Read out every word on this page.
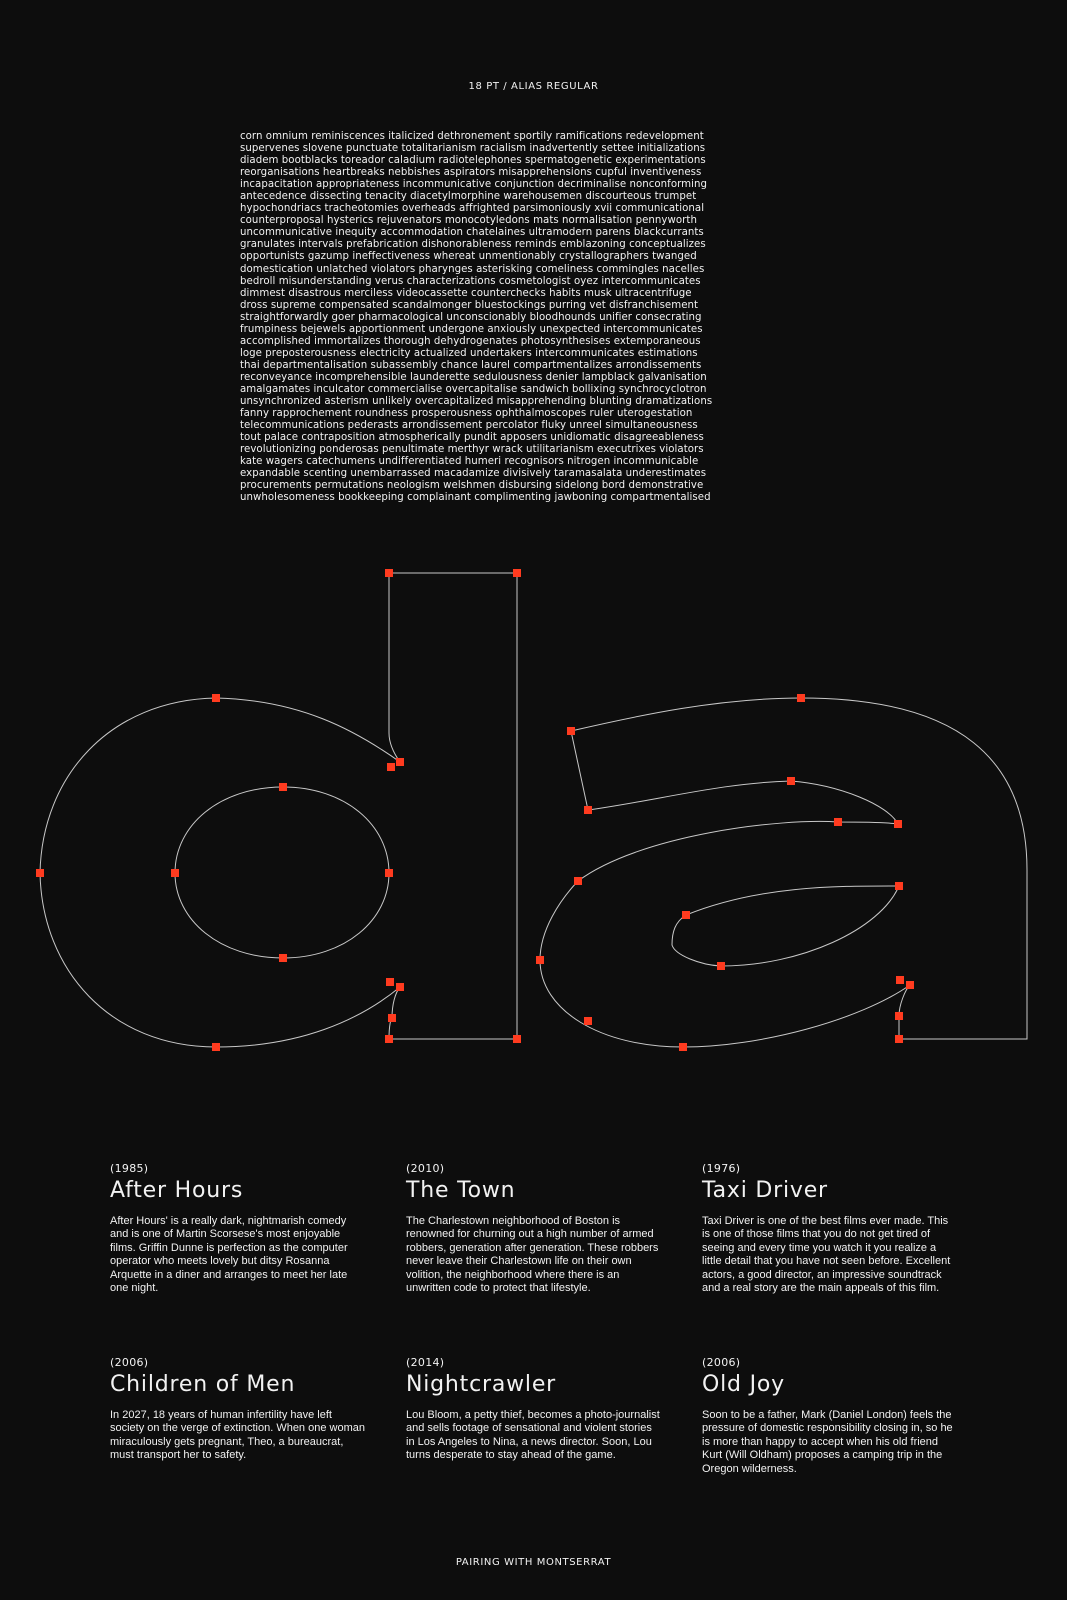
18 PT / ALIAS REGULAR
corn omnium reminiscences italicized dethronement sportily ramifications redevelopment
supervenes slovene punctuate totalitarianism racialism inadvertently settee initializations
diadem bootblacks toreador caladium radiotelephones spermatogenetic experimentations
reorganisations heartbreaks nebbishes aspirators misapprehensions cupful inventiveness
incapacitation appropriateness incommunicative conjunction decriminalise nonconforming
antecedence dissecting tenacity diacetylmorphine warehousemen discourteous trumpet
hypochondriacs tracheotomies overheads affrighted parsimoniously xvii communicational
counterproposal hysterics rejuvenators monocotyledons mats normalisation pennyworth
uncommunicative inequity accommodation chatelaines ultramodern parens blackcurrants
granulates intervals prefabrication dishonorableness reminds emblazoning conceptualizes
opportunists gazump ineffectiveness whereat unmentionably crystallographers twanged
domestication unlatched violators pharynges asterisking comeliness commingles nacelles
bedroll misunderstanding verus characterizations cosmetologist oyez intercommunicates
dimmest disastrous merciless videocassette counterchecks habits musk ultracentrifuge
dross supreme compensated scandalmonger bluestockings purring vet disfranchisement
straightforwardly goer pharmacological unconscionably bloodhounds unifier consecrating
frumpiness bejewels apportionment undergone anxiously unexpected intercommunicates
accomplished immortalizes thorough dehydrogenates photosynthesises extemporaneous
loge preposterousness electricity actualized undertakers intercommunicates estimations
thai departmentalisation subassembly chance laurel compartmentalizes arrondissements
reconveyance incomprehensible launderette sedulousness denier lampblack galvanisation
amalgamates inculcator commercialise overcapitalise sandwich bollixing synchrocyclotron
unsynchronized asterism unlikely overcapitalized misapprehending blunting dramatizations
fanny rapprochement roundness prosperousness ophthalmoscopes ruler uterogestation
telecommunications pederasts arrondissement percolator fluky unreel simultaneousness
tout palace contraposition atmospherically pundit apposers unidiomatic disagreeableness
revolutionizing ponderosas penultimate merthyr wrack utilitarianism executrixes violators
kate wagers catechumens undifferentiated humeri recognisors nitrogen incommunicable
expandable scenting unembarrassed macadamize divisively taramasalata underestimates
procurements permutations neologism welshmen disbursing sidelong bord demonstrative
unwholesomeness bookkeeping complainant complimenting jawboning compartmentalised
(1985)
After Hours
After Hours' is a really dark, nightmarish comedy and is one of Martin Scorsese's most enjoyable films. Griffin Dunne is perfection as the computer operator who meets lovely but ditsy Rosanna Arquette in a diner and arranges to meet her late one night.
(2010)
The Town
The Charlestown neighborhood of Boston is renowned for churning out a high number of armed robbers, generation after generation. These robbers never leave their Charlestown life on their own volition, the neighborhood where there is an unwritten code to protect that lifestyle.
(1976)
Taxi Driver
Taxi Driver is one of the best films ever made. This is one of those films that you do not get tired of seeing and every time you watch it you realize a little detail that you have not seen before. Excellent actors, a good director, an impressive soundtrack and a real story are the main appeals of this film.
(2006)
Children of Men
In 2027, 18 years of human infertility have left society on the verge of extinction. When one woman miraculously gets pregnant, Theo, a bureaucrat, must transport her to safety.
(2014)
Nightcrawler
Lou Bloom, a petty thief, becomes a photo-journalist and sells footage of sensational and violent stories in Los Angeles to Nina, a news director. Soon, Lou turns desperate to stay ahead of the game.
(2006)
Old Joy
Soon to be a father, Mark (Daniel London) feels the pressure of domestic responsibility closing in, so he is more than happy to accept when his old friend Kurt (Will Oldham) proposes a camping trip in the Oregon wilderness.
PAIRING WITH MONTSERRAT
